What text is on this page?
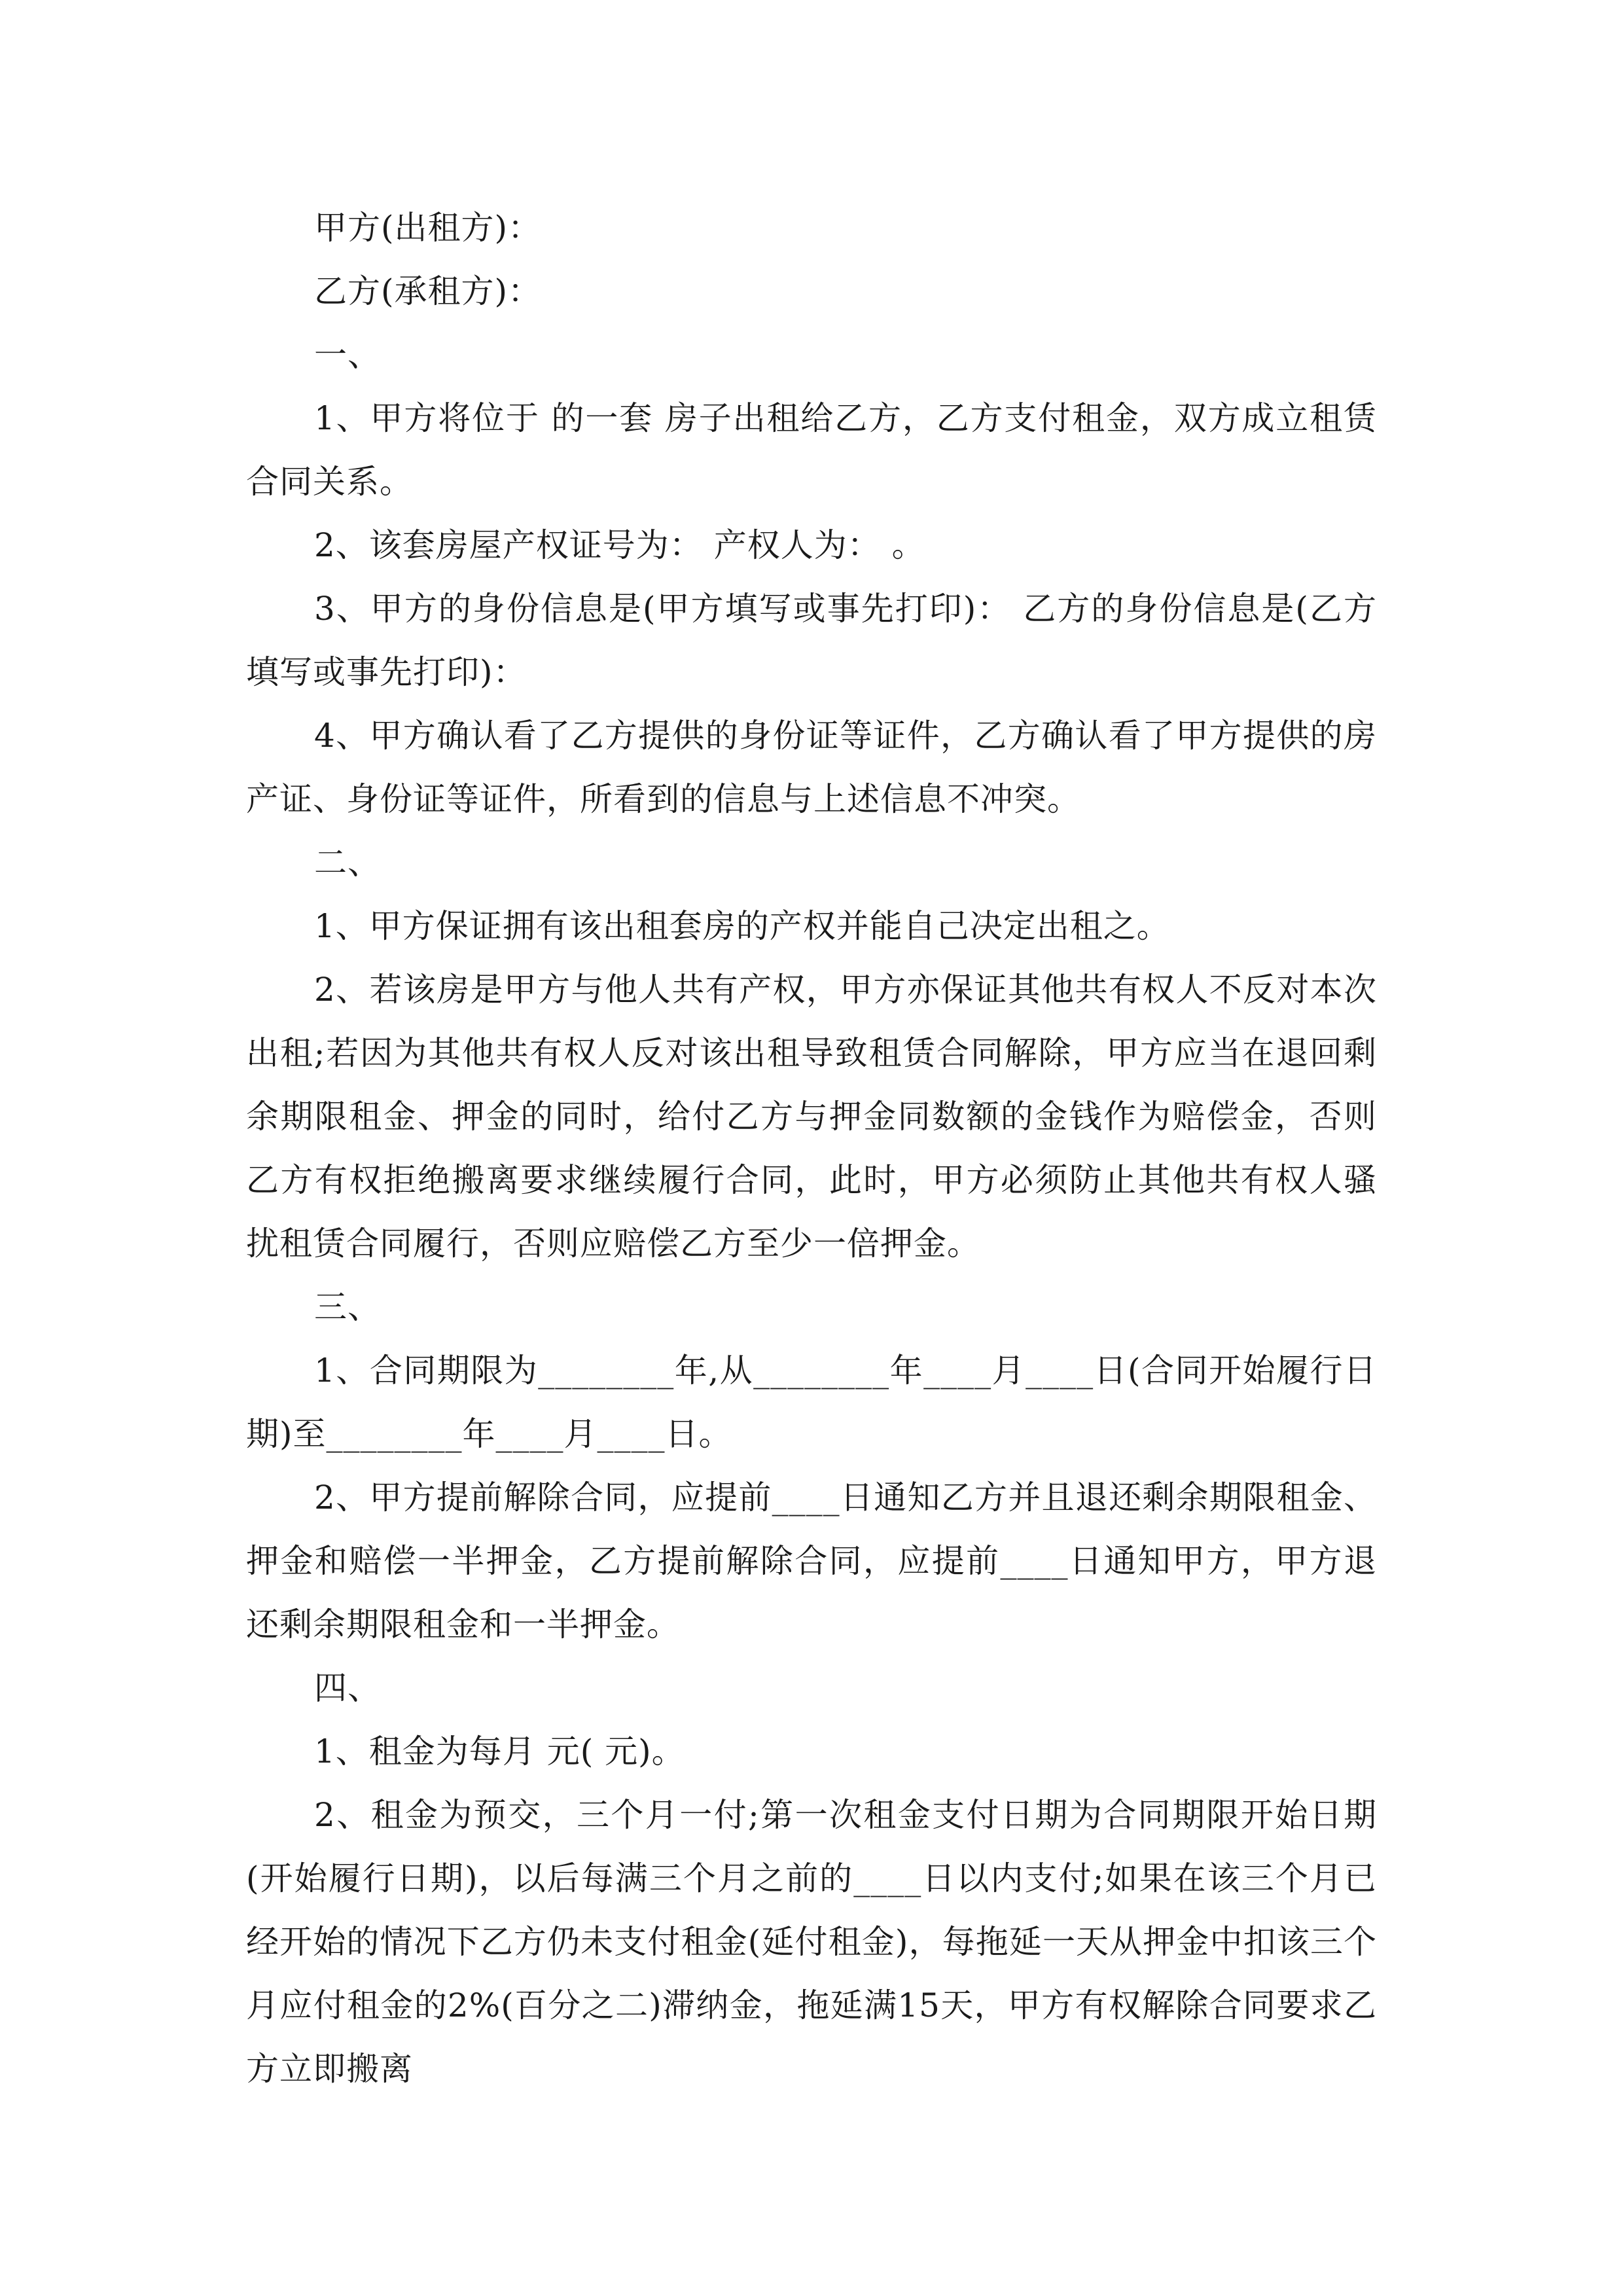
甲方(出租方)：

乙方(承租方)：

一、

1、甲方将位于 的一套 房子出租给乙方，乙方支付租金，双方成立租赁合同关系。

2、该套房屋产权证号为： 产权人为： 。

3、甲方的身份信息是(甲方填写或事先打印)： 乙方的身份信息是(乙方填写或事先打印)：

4、甲方确认看了乙方提供的身份证等证件，乙方确认看了甲方提供的房产证、身份证等证件，所看到的信息与上述信息不冲突。

二、

1、甲方保证拥有该出租套房的产权并能自己决定出租之。

2、若该房是甲方与他人共有产权，甲方亦保证其他共有权人不反对本次出租;若因为其他共有权人反对该出租导致租赁合同解除，甲方应当在退回剩余期限租金、押金的同时，给付乙方与押金同数额的金钱作为赔偿金，否则乙方有权拒绝搬离要求继续履行合同，此时，甲方必须防止其他共有权人骚扰租赁合同履行，否则应赔偿乙方至少一倍押金。

三、

1、合同期限为________年,从________年____月____日(合同开始履行日期)至________年____月____日。

2、甲方提前解除合同，应提前____日通知乙方并且退还剩余期限租金、押金和赔偿一半押金，乙方提前解除合同，应提前____日通知甲方，甲方退还剩余期限租金和一半押金。

四、

1、租金为每月 元( 元)。

2、租金为预交，三个月一付;第一次租金支付日期为合同期限开始日期(开始履行日期)，以后每满三个月之前的____日以内支付;如果在该三个月已经开始的情况下乙方仍未支付租金(延付租金)，每拖延一天从押金中扣该三个月应付租金的2%(百分之二)滞纳金，拖延满15天，甲方有权解除合同要求乙方立即搬离
